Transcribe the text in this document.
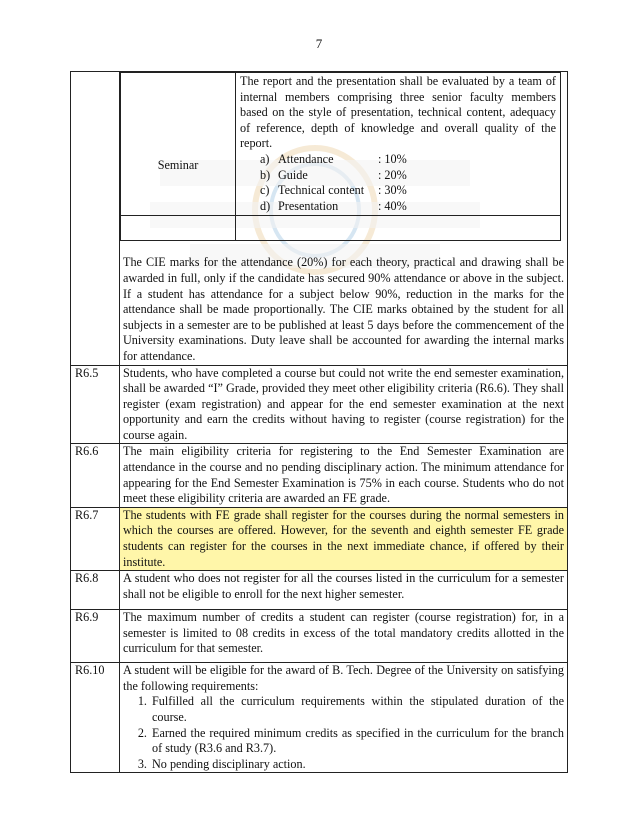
7

Seminar	
The report and the presentation shall be evaluated by a team of internal members comprising three senior faculty members based on the style of presentation, technical content, adequacy of reference, depth of knowledge and overall quality of the report.
a) Attendance	: 10%
b) Guide	: 20%
c) Technical content	: 30%
d) Presentation	: 40%

The CIE marks for the attendance (20%) for each theory, practical and drawing shall be awarded in full, only if the candidate has secured 90% attendance or above in the subject. If a student has attendance for a subject below 90%, reduction in the marks for the attendance shall be made proportionally. The CIE marks obtained by the student for all subjects in a semester are to be published at least 5 days before the commencement of the University examinations. Duty leave shall be accounted for awarding the internal marks for attendance.

R6.5	Students, who have completed a course but could not write the end semester examination, shall be awarded “I” Grade, provided they meet other eligibility criteria (R6.6). They shall register (exam registration) and appear for the end semester examination at the next opportunity and earn the credits without having to register (course registration) for the course again.
R6.6	The main eligibility criteria for registering to the End Semester Examination are attendance in the course and no pending disciplinary action. The minimum attendance for appearing for the End Semester Examination is 75% in each course. Students who do not meet these eligibility criteria are awarded an FE grade.
R6.7	The students with FE grade shall register for the courses during the normal semesters in which the courses are offered. However, for the seventh and eighth semester FE grade students can register for the courses in the next immediate chance, if offered by their institute.
R6.8	A student who does not register for all the courses listed in the curriculum for a semester shall not be eligible to enroll for the next higher semester.
R6.9	The maximum number of credits a student can register (course registration) for, in a semester is limited to 08 credits in excess of the total mandatory credits allotted in the curriculum for that semester.
R6.10	A student will be eligible for the award of B. Tech. Degree of the University on satisfying the following requirements:
1. Fulfilled all the curriculum requirements within the stipulated duration of the course.
2. Earned the required minimum credits as specified in the curriculum for the branch of study (R3.6 and R3.7).
3. No pending disciplinary action.
